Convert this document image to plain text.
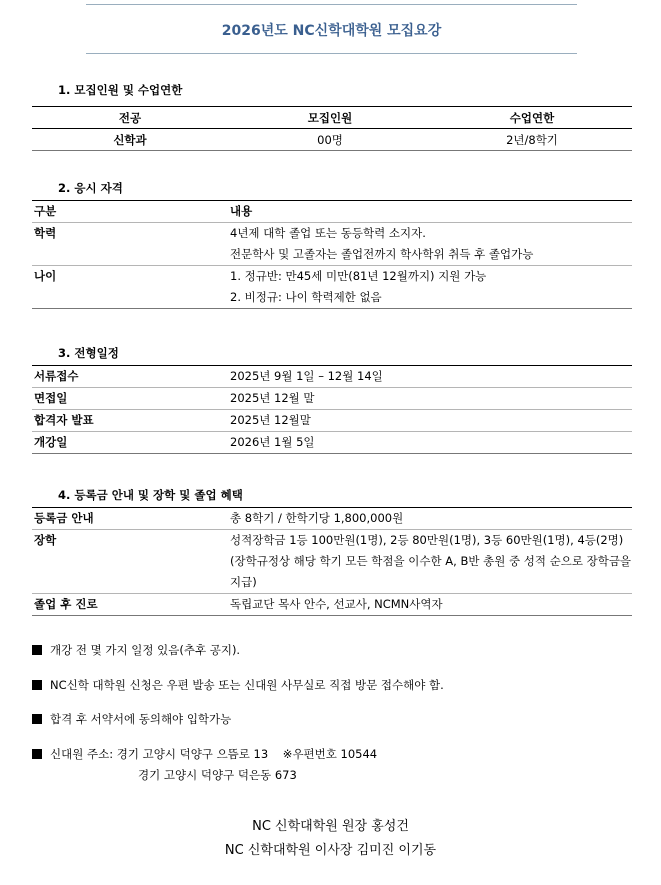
2026년도 NC신학대학원 모집요강
1. 모집인원 및 수업연한
전공	모집인원	수업연한
신학과	00명	2년/8학기
2. 응시 자격
구분	내용
학력	4년제 대학 졸업 또는 동등학력 소지자.
전문학사 및 고졸자는 졸업전까지 학사학위 취득 후 졸업가능
나이	1. 정규반: 만45세 미만(81년 12월까지) 지원 가능
2. 비정규: 나이 학력제한 없음
3. 전형일정
서류접수	2025년 9월 1일 – 12월 14일
면접일	2025년 12월 말
합격자 발표	2025년 12월말
개강일	2026년 1월 5일
4. 등록금 안내 및 장학 및 졸업 혜택
등록금 안내	총 8학기 / 한학기당 1,800,000원
장학	성적장학금 1등 100만원(1명), 2등 80만원(1명), 3등 60만원(1명), 4등(2명) (장학규정상 해당 학기 모든 학점을 이수한 A, B반 총원 중 성적 순으로 장학금을 지급)
졸업 후 진로	독립교단 목사 안수, 선교사, NCMN사역자
개강 전 몇 가지 일정 있음(추후 공지).
NC신학 대학원 신청은 우편 발송 또는 신대원 사무실로 직접 방문 접수해야 함.
합격 후 서약서에 동의해야 입학가능
신대원 주소: 경기 고양시 덕양구 으뜸로 13    ※우편번호 10544
경기 고양시 덕양구 덕은동 673
NC 신학대학원 원장 홍성건
NC 신학대학원 이사장 김미진 이기동
